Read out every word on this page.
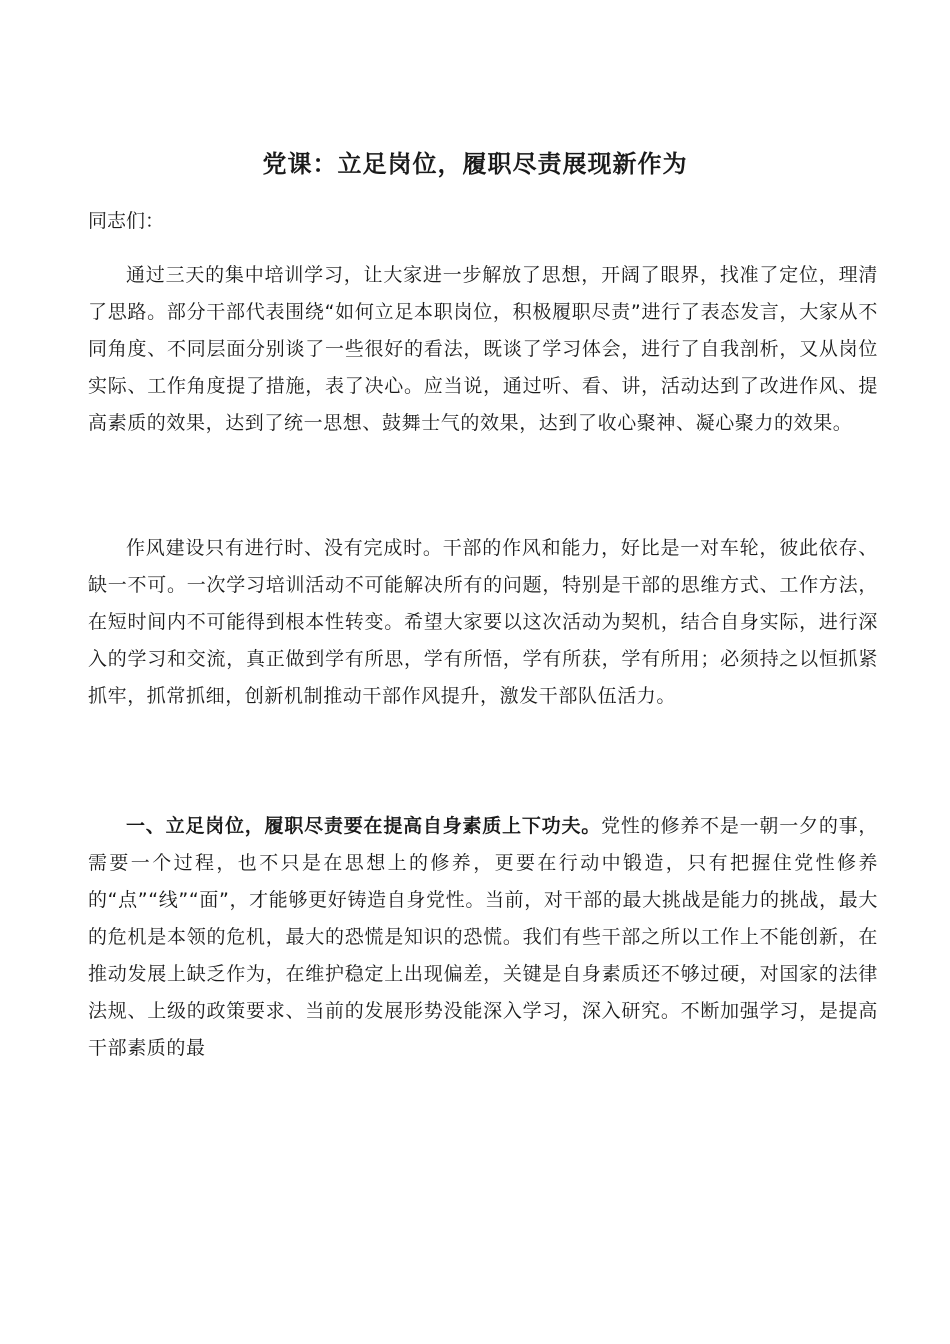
党课：立足岗位，履职尽责展现新作为
同志们：

通过三天的集中培训学习，让大家进一步解放了思想，开阔了眼界，找准了定位，理清了思路。部分干部代表围绕“如何立足本职岗位，积极履职尽责”进行了表态发言，大家从不同角度、不同层面分别谈了一些很好的看法，既谈了学习体会，进行了自我剖析，又从岗位实际、工作角度提了措施，表了决心。应当说，通过听、看、讲，活动达到了改进作风、提高素质的效果，达到了统一思想、鼓舞士气的效果，达到了收心聚神、凝心聚力的效果。

作风建设只有进行时、没有完成时。干部的作风和能力，好比是一对车轮，彼此依存、缺一不可。一次学习培训活动不可能解决所有的问题，特别是干部的思维方式、工作方法，在短时间内不可能得到根本性转变。希望大家要以这次活动为契机，结合自身实际，进行深入的学习和交流，真正做到学有所思，学有所悟，学有所获，学有所用；必须持之以恒抓紧抓牢，抓常抓细，创新机制推动干部作风提升，激发干部队伍活力。

一、立足岗位，履职尽责要在提高自身素质上下功夫。党性的修养不是一朝一夕的事，需要一个过程，也不只是在思想上的修养，更要在行动中锻造，只有把握住党性修养的“点”“线”“面”，才能够更好铸造自身党性。当前，对干部的最大挑战是能力的挑战，最大的危机是本领的危机，最大的恐慌是知识的恐慌。我们有些干部之所以工作上不能创新，在推动发展上缺乏作为，在维护稳定上出现偏差，关键是自身素质还不够过硬，对国家的法律法规、上级的政策要求、当前的发展形势没能深入学习，深入研究。不断加强学习，是提高干部素质的最
